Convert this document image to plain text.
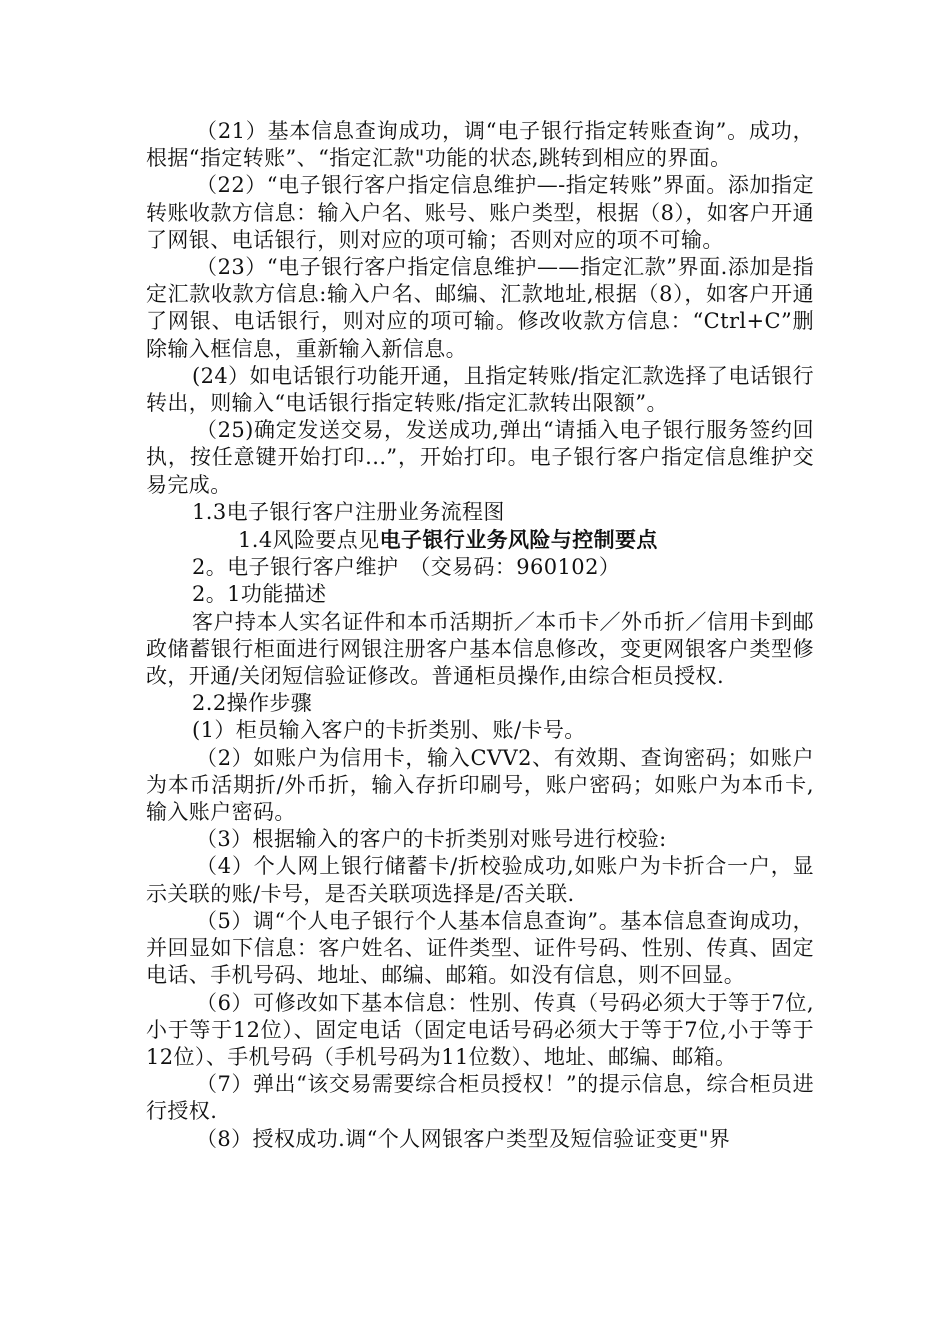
（21）基本信息查询成功，调“电子银行指定转账查询”。成功，根据“指定转账”、“指定汇款"功能的状态,跳转到相应的界面。

（22）“电子银行客户指定信息维护—-指定转账”界面。添加指定转账收款方信息：输入户名、账号、账户类型，根据（8），如客户开通了网银、电话银行，则对应的项可输；否则对应的项不可输。

（23）“电子银行客户指定信息维护——指定汇款”界面.添加是指定汇款收款方信息:输入户名、邮编、汇款地址,根据（8），如客户开通了网银、电话银行，则对应的项可输。修改收款方信息：“Ctrl+C”删除输入框信息，重新输入新信息。

(24）如电话银行功能开通，且指定转账/指定汇款选择了电话银行转出，则输入“电话银行指定转账/指定汇款转出限额”。

（25)确定发送交易，发送成功,弹出“请插入电子银行服务签约回执，按任意键开始打印...”，开始打印。电子银行客户指定信息维护交易完成。

1.3电子银行客户注册业务流程图

1.4风险要点见电子银行业务风险与控制要点

2。电子银行客户维护　（交易码：960102）

2。1功能描述

客户持本人实名证件和本币活期折／本币卡／外币折／信用卡到邮政储蓄银行柜面进行网银注册客户基本信息修改，变更网银客户类型修改，开通/关闭短信验证修改。普通柜员操作,由综合柜员授权.

2.2操作步骤

(1）柜员输入客户的卡折类别、账/卡号。

（2）如账户为信用卡，输入CVV2、有效期、查询密码；如账户为本币活期折/外币折，输入存折印刷号，账户密码；如账户为本币卡,输入账户密码。

（3）根据输入的客户的卡折类别对账号进行校验:

（4）个人网上银行储蓄卡/折校验成功,如账户为卡折合一户，显示关联的账/卡号，是否关联项选择是/否关联.

（5）调“个人电子银行个人基本信息查询”。基本信息查询成功，并回显如下信息：客户姓名、证件类型、证件号码、性别、传真、固定电话、手机号码、地址、邮编、邮箱。如没有信息，则不回显。

（6）可修改如下基本信息：性别、传真（号码必须大于等于7位,小于等于12位）、固定电话（固定电话号码必须大于等于7位,小于等于12位）、手机号码（手机号码为11位数）、地址、邮编、邮箱。

（7）弹出“该交易需要综合柜员授权！”的提示信息，综合柜员进行授权.

（8）授权成功.调“个人网银客户类型及短信验证变更"界
